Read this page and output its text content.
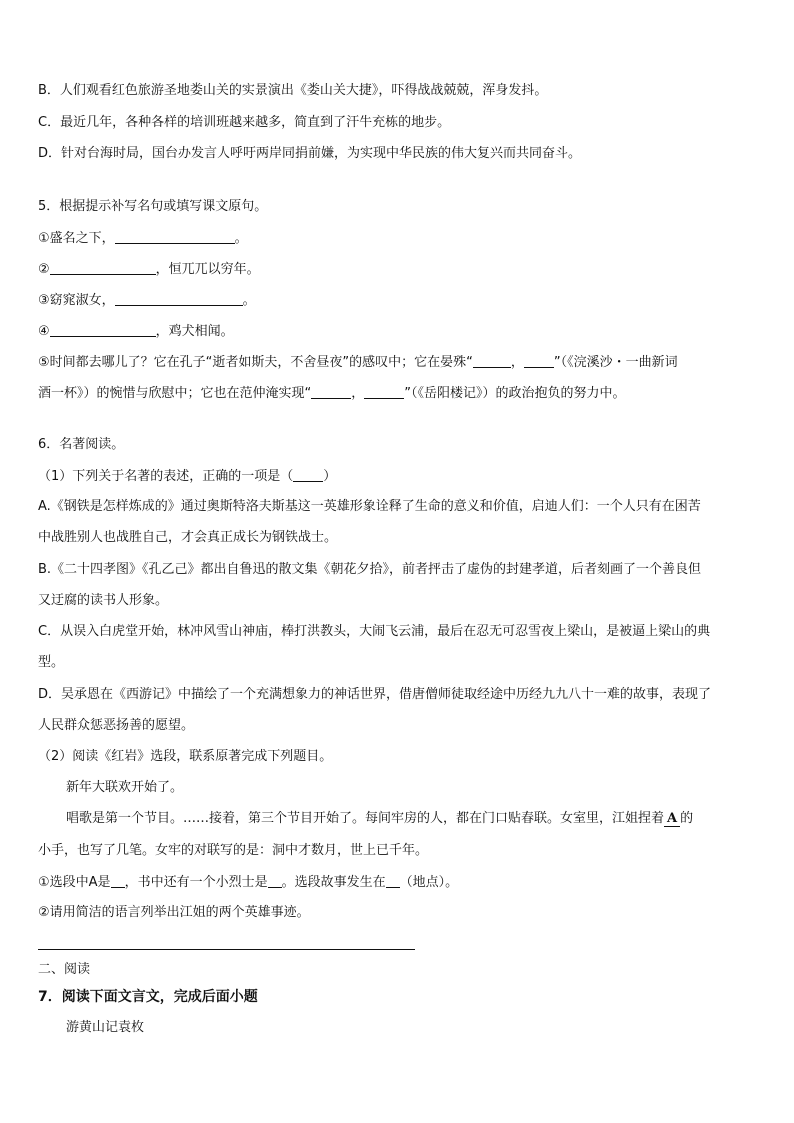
B．人们观看红色旅游圣地娄山关的实景演出《娄山关大捷》，吓得战战兢兢，浑身发抖。
C．最近几年，各种各样的培训班越来越多，简直到了汗牛充栋的地步。
D．针对台海时局，国台办发言人呼吁两岸同捐前嫌，为实现中华民族的伟大复兴而共同奋斗。
5．根据提示补写名句或填写课文原句。
①盛名之下，	。
②	，恒兀兀以穷年。
③窈窕淑女，	。
④	，鸡犬相闻。
⑤时间都去哪儿了？它在孔子“逝者如斯夫，不舍昼夜”的感叹中；它在晏殊“	， ”（《浣溪沙・一曲新词
酒一杯》）的惋惜与欣慰中；它也在范仲淹实现“	，	”（《岳阳楼记》）的政治抱负的努力中。
6．名著阅读。
（1）下列关于名著的表述，正确的一项是（ ）
A.《钢铁是怎样炼成的》通过奥斯特洛夫斯基这一英雄形象诠释了生命的意义和价值，启迪人们：一个人只有在困苦
中战胜别人也战胜自己，才会真正成长为钢铁战士。
B.《二十四孝图》《孔乙己》都出自鲁迅的散文集《朝花夕拾》，前者抨击了虚伪的封建孝道，后者刻画了一个善良但
又迂腐的读书人形象。
C．从误入白虎堂开始，林冲风雪山神庙，棒打洪教头，大闹飞云浦，最后在忍无可忍雪夜上梁山，是被逼上梁山的典
型。
D．吴承恩在《西游记》中描绘了一个充满想象力的神话世界，借唐僧师徒取经途中历经九九八十一难的故事，表现了
人民群众惩恶扬善的愿望。
（2）阅读《红岩》选段，联系原著完成下列题目。
新年大联欢开始了。
唱歌是第一个节目。……接着，第三个节目开始了。每间牢房的人，都在门口贴春联。女室里，江姐捏着 A 的
小手，也写了几笔。女牢的对联写的是：洞中才数月，世上已千年。
①选段中A是 ，书中还有一个小烈士是 。选段故事发生在 （地点）。
②请用简洁的语言列举出江姐的两个英雄事迹。
二、阅读
7．阅读下面文言文，完成后面小题
游黄山记袁枚
